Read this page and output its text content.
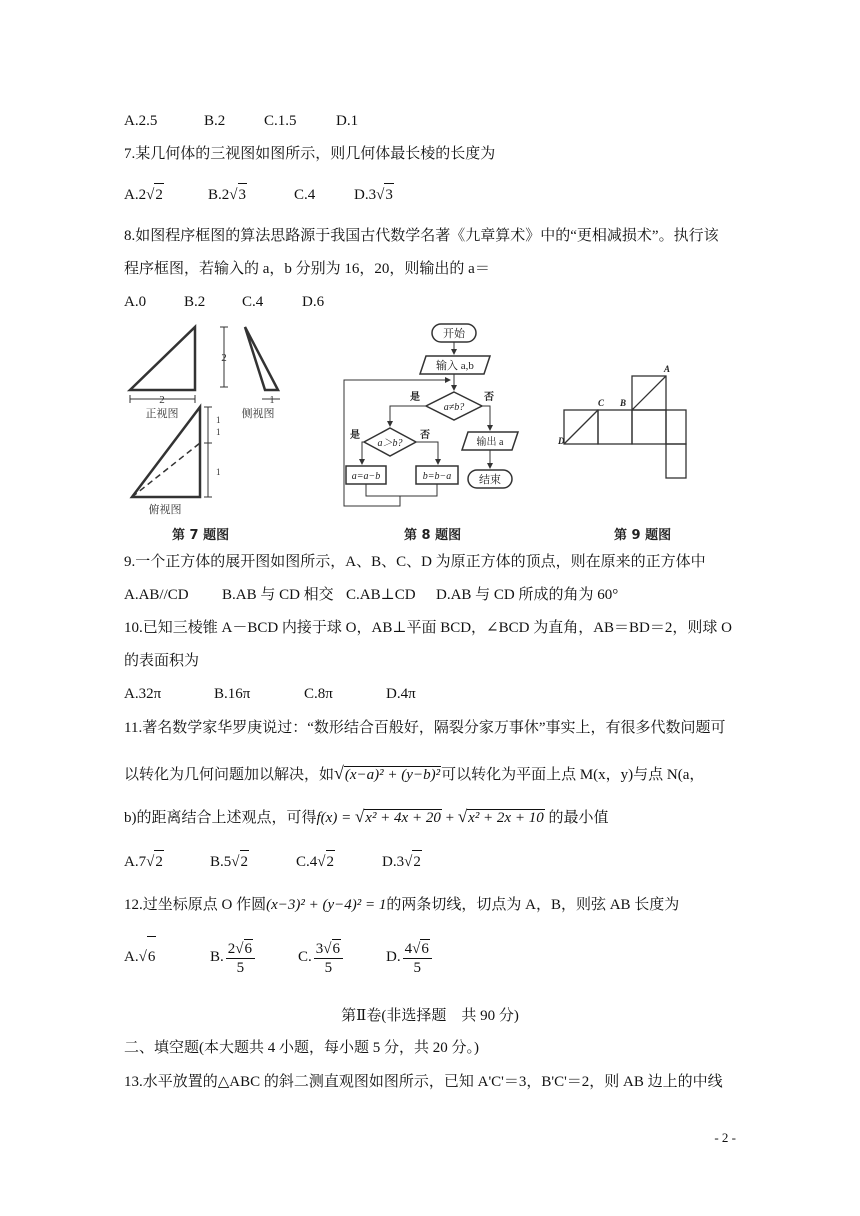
A.2.5	B.2	C.1.5	D.1
7.某几何体的三视图如图所示，则几何体最长棱的长度为
A.2√2	B.2√3	C.4	D.3√3
8.如图程序框图的算法思路源于我国古代数学名著《九章算术》中的“更相减损术”。执行该
程序框图，若输入的 a，b 分别为 16，20，则输出的 a＝
A.0	B.2 C.4	D.6
2
正视图
2
1
侧视图
1
1
1
俯视图
第 7 题图
开始
输入 a,b
a≠b?
是	否
a＞b?
是	否
a=a−b	b=b−a
输出 a
结束
第 8 题图
A
B
C
D
第 9 题图
9.一个正方体的展开图如图所示，A、B、C、D 为原正方体的顶点，则在原来的正方体中
A.AB//CD B.AB 与 CD 相交 C.AB⊥CD D.AB 与 CD 所成的角为 60°
10.已知三棱锥 A－BCD 内接于球 O，AB⊥平面 BCD，∠BCD 为直角，AB＝BD＝2，则球 O
的表面积为
A.32π	B.16π	C.8π	D.4π
11.著名数学家华罗庚说过：“数形结合百般好，隔裂分家万事休”事实上，有很多代数问题可
以转化为几何问题加以解决，如√(x−a)² + (y−b)²可以转化为平面上点 M(x，y)与点 N(a，
b)的距离结合上述观点，可得f(x) = √x² + 4x + 20 + √x² + 2x + 10 的最小值
A.7√2	B.5√2	C.4√2	D.3√2
12.过坐标原点 O 作圆(x−3)² + (y−4)² = 1的两条切线，切点为 A，B，则弦 AB 长度为
A.√6	B. $\frac{2√6}{5}$	C. $\frac{3√6}{5}$	D. $\frac{4√6}{5}$
第Ⅱ卷(非选择题　共 90 分)
二、填空题(本大题共 4 小题，每小题 5 分，共 20 分。)
13.水平放置的△ABC 的斜二测直观图如图所示，已知 A'C'＝3，B'C'＝2，则 AB 边上的中线
- 2 -
